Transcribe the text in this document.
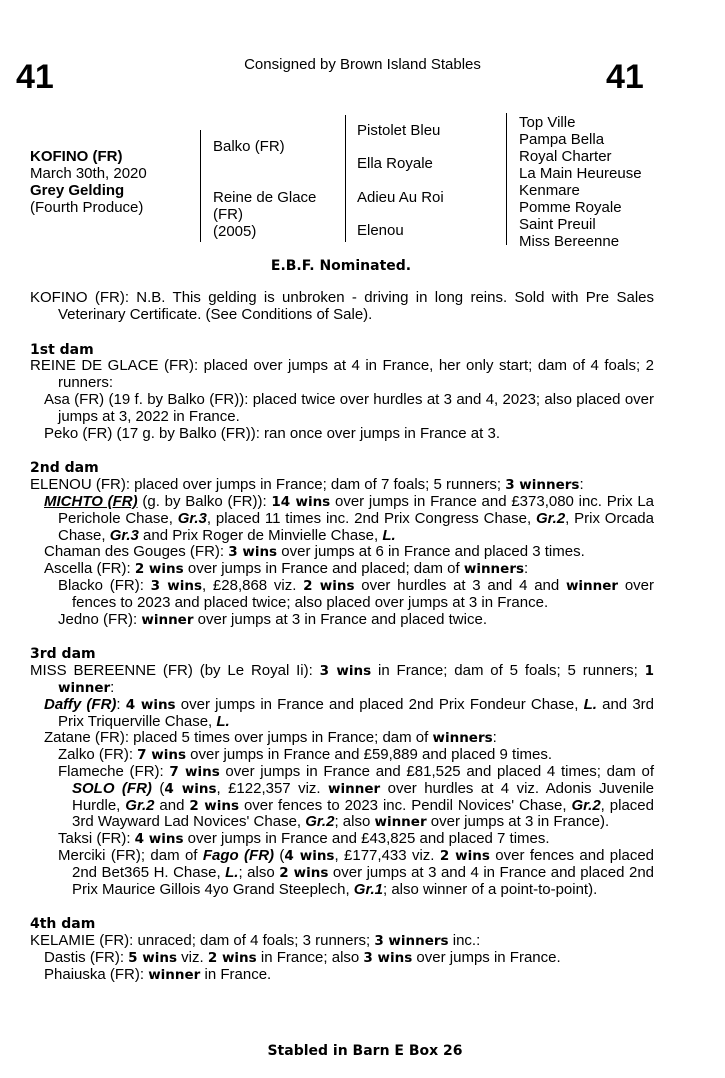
41	41
Consigned by Brown Island Stables
KOFINO (FR)
March 30th, 2020
Grey Gelding
(Fourth Produce)
Balko (FR)
Reine de Glace
(FR)
(2005)
Pistolet Bleu
Ella Royale
Adieu Au Roi
Elenou
Top Ville
Pampa Bella
Royal Charter
La Main Heureuse
Kenmare
Pomme Royale
Saint Preuil
Miss Bereenne
E.B.F. Nominated.

KOFINO (FR): N.B. This gelding is unbroken - driving in long reins. Sold with Pre Sales Veterinary Certificate. (See Conditions of Sale).

1st dam

REINE DE GLACE (FR): placed over jumps at 4 in France, her only start; dam of 4 foals; 2 runners:

Asa (FR) (19 f. by Balko (FR)): placed twice over hurdles at 3 and 4, 2023; also placed over jumps at 3, 2022 in France.

Peko (FR) (17 g. by Balko (FR)): ran once over jumps in France at 3.

2nd dam

ELENOU (FR): placed over jumps in France; dam of 7 foals; 5 runners; 3 winners:

MICHTO (FR) (g. by Balko (FR)): 14 wins over jumps in France and £373,080 inc. Prix La Perichole Chase, Gr.3, placed 11 times inc. 2nd Prix Congress Chase, Gr.2, Prix Orcada Chase, Gr.3 and Prix Roger de Minvielle Chase, L.

Chaman des Gouges (FR): 3 wins over jumps at 6 in France and placed 3 times.

Ascella (FR): 2 wins over jumps in France and placed; dam of winners:

Blacko (FR): 3 wins, £28,868 viz. 2 wins over hurdles at 3 and 4 and winner over fences to 2023 and placed twice; also placed over jumps at 3 in France.

Jedno (FR): winner over jumps at 3 in France and placed twice.

3rd dam

MISS BEREENNE (FR) (by Le Royal Ii): 3 wins in France; dam of 5 foals; 5 runners; 1 winner:

Daffy (FR): 4 wins over jumps in France and placed 2nd Prix Fondeur Chase, L. and 3rd Prix Triquerville Chase, L.

Zatane (FR): placed 5 times over jumps in France; dam of winners:

Zalko (FR): 7 wins over jumps in France and £59,889 and placed 9 times.

Flameche (FR): 7 wins over jumps in France and £81,525 and placed 4 times; dam of SOLO (FR) (4 wins, £122,357 viz. winner over hurdles at 4 viz. Adonis Juvenile Hurdle, Gr.2 and 2 wins over fences to 2023 inc. Pendil Novices' Chase, Gr.2, placed 3rd Wayward Lad Novices' Chase, Gr.2; also winner over jumps at 3 in France).

Taksi (FR): 4 wins over jumps in France and £43,825 and placed 7 times.

Merciki (FR); dam of Fago (FR) (4 wins, £177,433 viz. 2 wins over fences and placed 2nd Bet365 H. Chase, L.; also 2 wins over jumps at 3 and 4 in France and placed 2nd Prix Maurice Gillois 4yo Grand Steeplech, Gr.1; also winner of a point-to-point).

4th dam

KELAMIE (FR): unraced; dam of 4 foals; 3 runners; 3 winners inc.:

Dastis (FR): 5 wins viz. 2 wins in France; also 3 wins over jumps in France.

Phaiuska (FR): winner in France.

Stabled in Barn E Box 26
